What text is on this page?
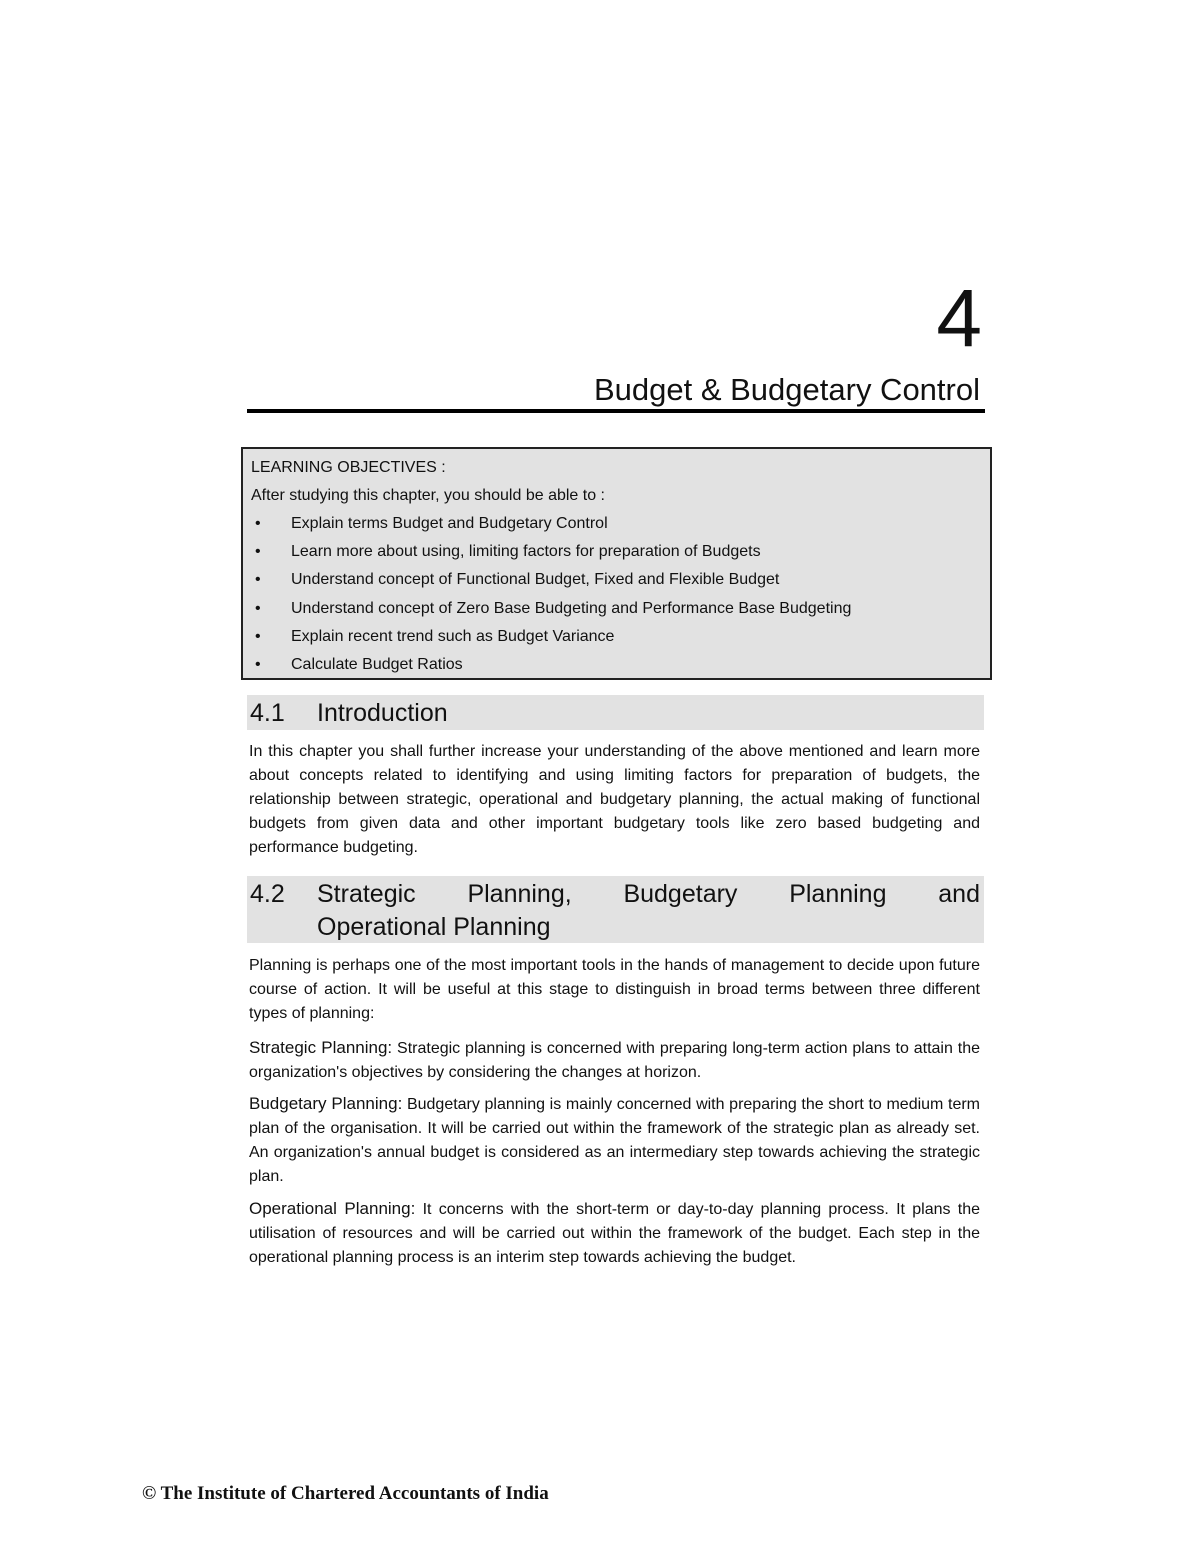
4
Budget & Budgetary Control
LEARNING OBJECTIVES :
After studying this chapter, you should be able to :
• Explain terms Budget and Budgetary Control
• Learn more about using, limiting factors for preparation of Budgets
• Understand concept of Functional Budget, Fixed and Flexible Budget
• Understand concept of Zero Base Budgeting and Performance Base Budgeting
• Explain recent trend such as Budget Variance
• Calculate Budget Ratios
4.1 Introduction

In this chapter you shall further increase your understanding of the above mentioned and learn more about concepts related to identifying and using limiting factors for preparation of budgets, the relationship between strategic, operational and budgetary planning, the actual making of functional budgets from given data and other important budgetary tools like zero based budgeting and performance budgeting.

4.2 Strategic Planning, Budgetary Planning and
Operational Planning

Planning is perhaps one of the most important tools in the hands of management to decide upon future course of action. It will be useful at this stage to distinguish in broad terms between three different types of planning:

Strategic Planning: Strategic planning is concerned with preparing long-term action plans to attain the organization's objectives by considering the changes at horizon.

Budgetary Planning: Budgetary planning is mainly concerned with preparing the short to medium term plan of the organisation. It will be carried out within the framework of the strategic plan as already set. An organization's annual budget is considered as an intermediary step towards achieving the strategic plan.

Operational Planning: It concerns with the short-term or day-to-day planning process. It plans the utilisation of resources and will be carried out within the framework of the budget. Each step in the operational planning process is an interim step towards achieving the budget.

© The Institute of Chartered Accountants of India
